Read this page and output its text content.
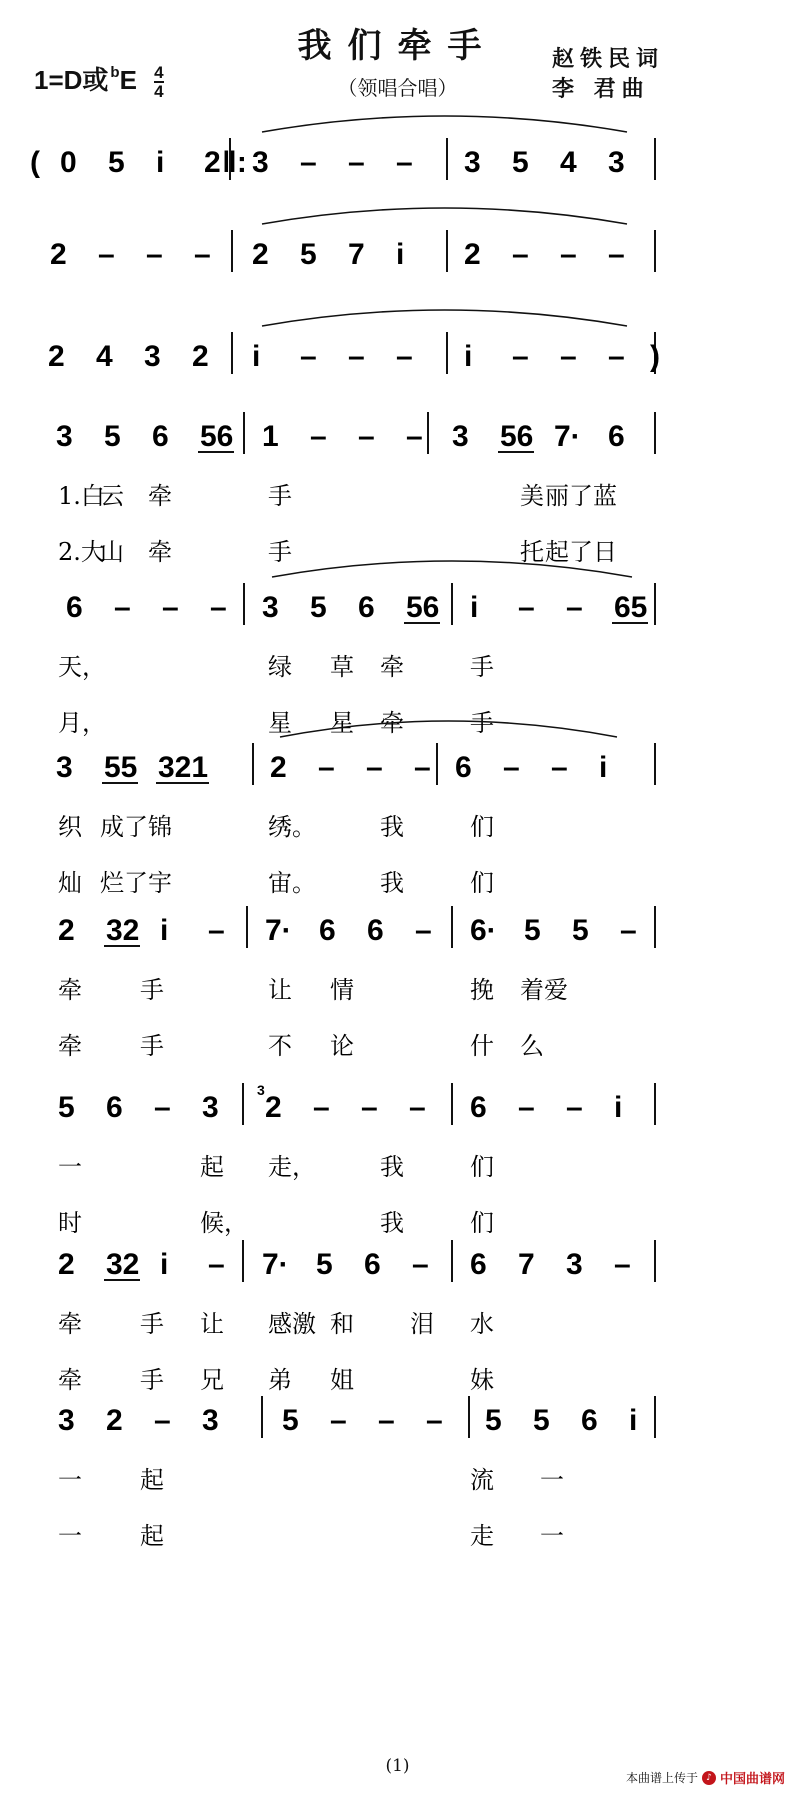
我们牵手
（领唱合唱）
赵铁民词
李 君曲
1=D或 $^bE \frac{4}{4}$
( 0 5 i 2 ‖: 3 – – – 3 5 4 3
2 – – – 2 5 7 i 2 – – –
2 4 3 2 i – – – i – – – )
3 5 6 56 1 – – – 3 56 7· 6
1.白
云 牵	手	美 丽了蓝
2.大
山 牵	手	托 起了日
6 – – – 3 5 6 56 i – – 65
天，	绿 草 牵	手
月，	星 星 牵	手
3 55 321 2 – – – 6 – – i
织 成了锦	绣。	我	们
灿 烂了宇	宙。	我	们
2 32 i – 7· 6 6 – 6· 5 5 –
牵 手	让 情	挽 着爱
牵 手	不 论	什 么
5 6 – 3
3
2 – – – 6 – – i
一	起 走，	我	们
时	候，	我	们
2 32 i – 7· 5 6 – 6 7 3 –
牵 手 让 感激 和 泪 水
牵 手 兄 弟 姐	妹
3 2 – 3 5 – – – 5 5 6 i
一 起	流 一
一 起	走 一
(1)
本曲谱上传于 ♪ 中国曲谱网
